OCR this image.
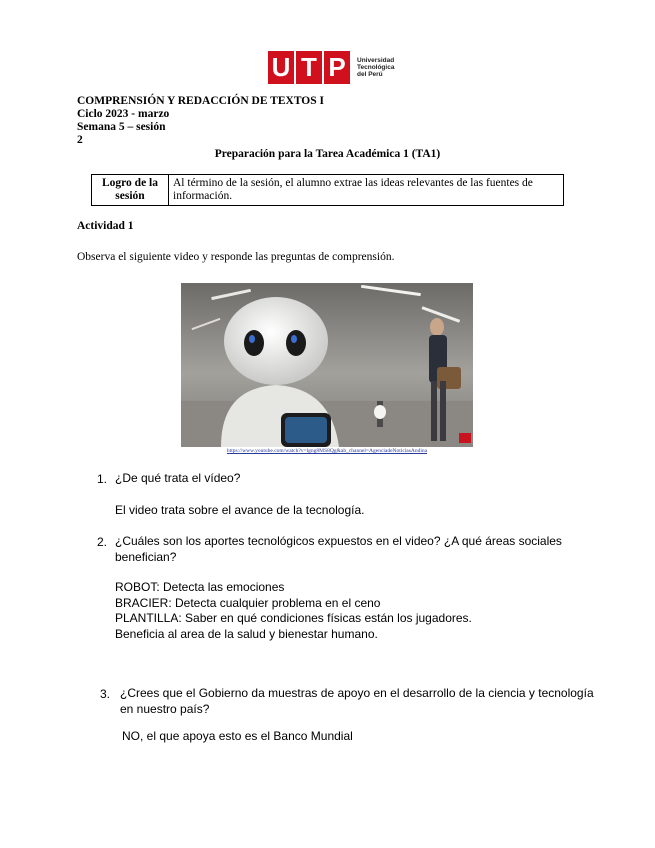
U T P	Universidad
Tecnológica
del Perú
COMPRENSIÓN Y REDACCIÓN DE TEXTOS I
Ciclo 2023 - marzo
Semana 5 – sesión
2
Preparación para la Tarea Académica 1 (TA1)
Logro de la sesión
Al término de la sesión, el alumno extrae las ideas relevantes de las fuentes de información.
Actividad 1
Observa el siguiente video y responde las preguntas de comprensión.
https://www.youtube.com/watch?v=lgng8MS8Qg&ab_channel=AgenciadeNoticiasAndina
1. ¿De qué trata el vídeo?
El video trata sobre el avance de la tecnología.
2. ¿Cuáles son los aportes tecnológicos expuestos en el video? ¿A qué áreas sociales
benefician?
ROBOT: Detecta las emociones
BRACIER: Detecta cualquier problema en el ceno
PLANTILLA: Saber en qué condiciones físicas están los jugadores.
Beneficia al area de la salud y bienestar humano.
3. ¿Crees que el Gobierno da muestras de apoyo en el desarrollo de la ciencia y tecnología
en nuestro país?
NO, el que apoya esto es el Banco Mundial
